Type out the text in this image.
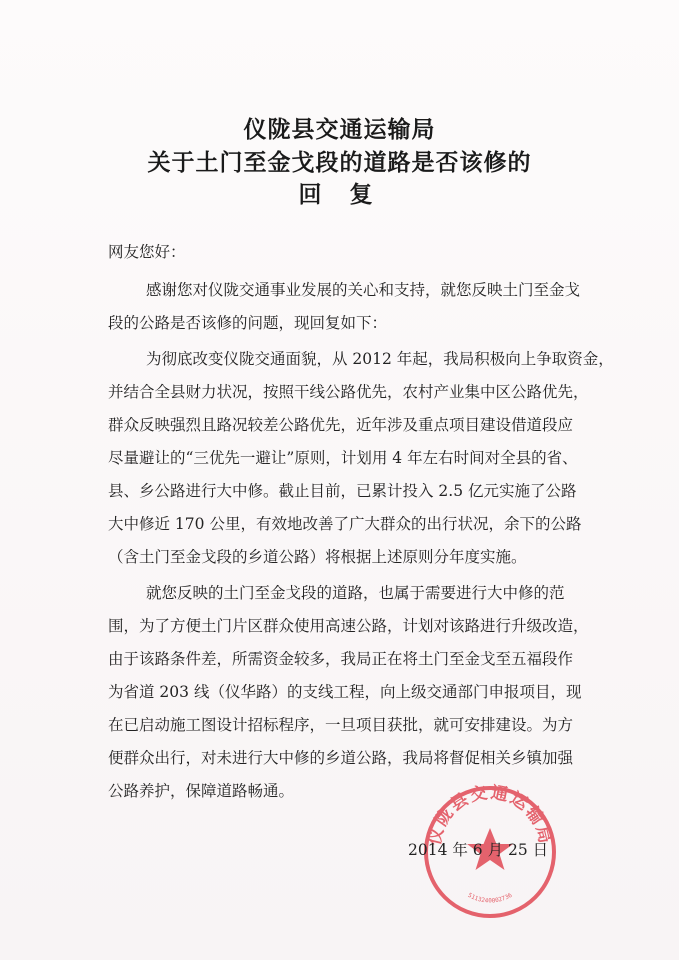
仪陇县交通运输局
关于土门至金戈段的道路是否该修的
回复
网友您好：
感谢您对仪陇交通事业发展的关心和支持，就您反映土门至金戈
段的公路是否该修的问题，现回复如下：
为彻底改变仪陇交通面貌，从 2012 年起，我局积极向上争取资金，
并结合全县财力状况，按照干线公路优先，农村产业集中区公路优先，
群众反映强烈且路况较差公路优先，近年涉及重点项目建设借道段应
尽量避让的“三优先一避让”原则，计划用 4 年左右时间对全县的省、
县、乡公路进行大中修。截止目前，已累计投入 2.5 亿元实施了公路
大中修近 170 公里，有效地改善了广大群众的出行状况，余下的公路
（含土门至金戈段的乡道公路）将根据上述原则分年度实施。
就您反映的土门至金戈段的道路，也属于需要进行大中修的范
围，为了方便土门片区群众使用高速公路，计划对该路进行升级改造，
由于该路条件差，所需资金较多，我局正在将土门至金戈至五福段作
为省道 203 线（仪华路）的支线工程，向上级交通部门申报项目，现
在已启动施工图设计招标程序，一旦项目获批，就可安排建设。为方
便群众出行，对未进行大中修的乡道公路，我局将督促相关乡镇加强
公路养护，保障道路畅通。
仪陇县交通运输局
5113240002736
2014 年 6 月 25 日
